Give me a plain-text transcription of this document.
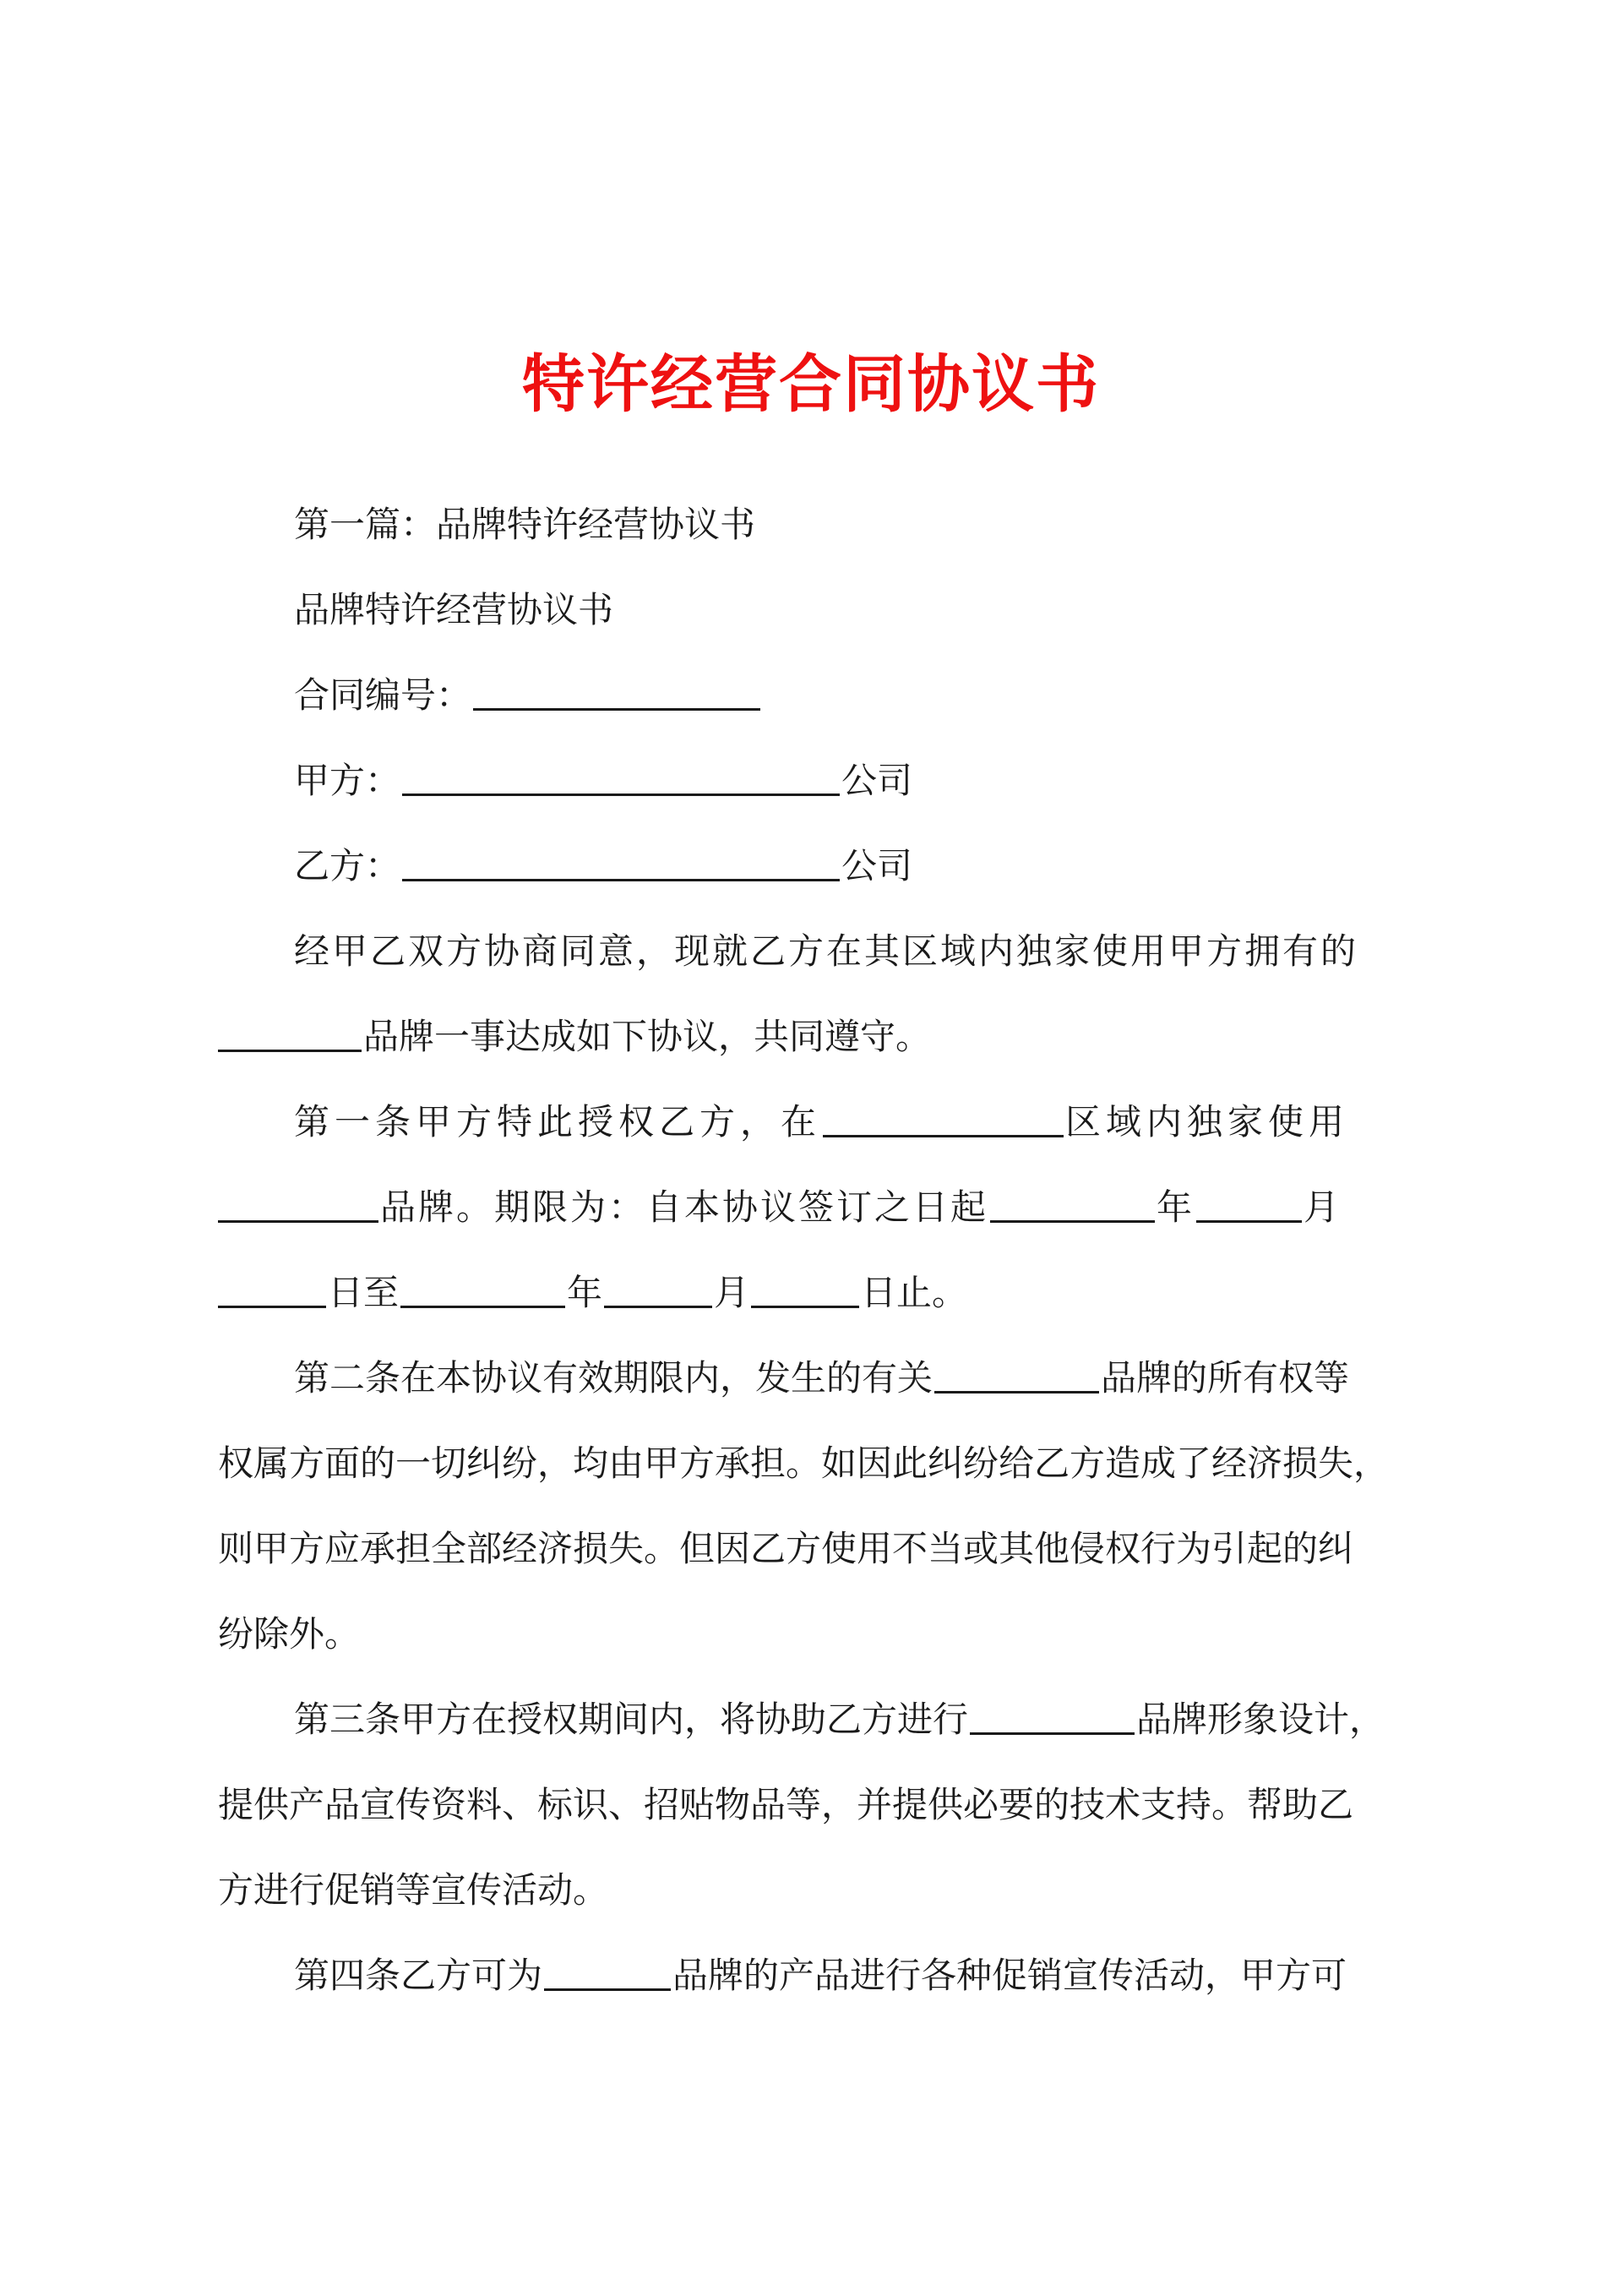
特许经营合同协议书
第一篇：品牌特许经营协议书
品牌特许经营协议书
合同编号：
甲方：	公司
乙方：	公司
经甲乙双方协商同意，现就乙方在其区域内独家使用甲方拥有的
品牌一事达成如下协议，共同遵守。
第一条甲方特此授权乙方，在	区域内独家使用
品牌。期限为：自本协议签订之日起	年	月
日至	年	月	日止。
第二条在本协议有效期限内，发生的有关	品牌的所有权等
权属方面的一切纠纷，均由甲方承担。如因此纠纷给乙方造成了经济损失，
则甲方应承担全部经济损失。但因乙方使用不当或其他侵权行为引起的纠
纷除外。
第三条甲方在授权期间内，将协助乙方进行	品牌形象设计，
提供产品宣传资料、标识、招贴物品等，并提供必要的技术支持。帮助乙
方进行促销等宣传活动。
第四条乙方可为	品牌的产品进行各种促销宣传活动，甲方可
